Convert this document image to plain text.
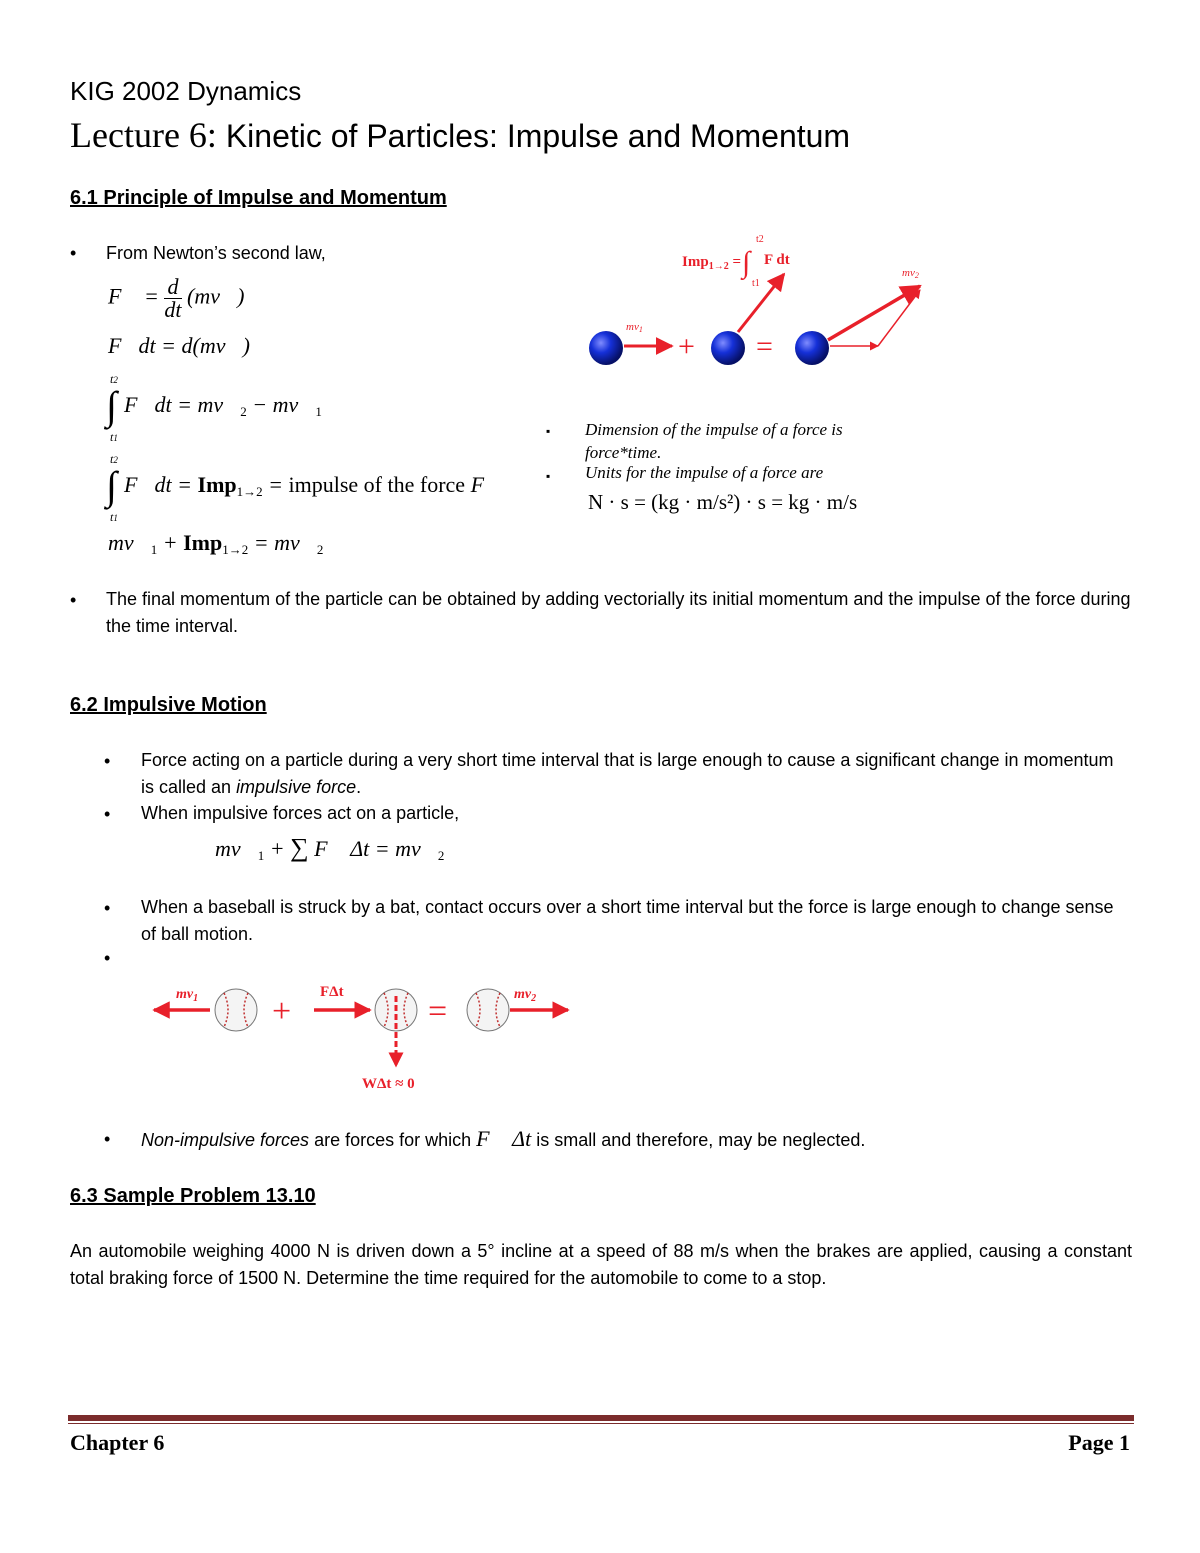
KIG 2002 Dynamics
Lecture 6: Kinetic of Particles: Impulse and Momentum
6.1 Principle of Impulse and Momentum
• From Newton’s second law,
F⃗ = $\frac{d}{dt}$ (mv⃗)
F⃗dt = d(mv⃗)
t2
∫
t1
F⃗dt = $mv⃗_2$ − $mv⃗_1$
t2
∫
t1
F⃗dt = Imp$_{1\to 2}$ = impulse of the force F⃗
$mv⃗_1 + Imp_{1\to 2}$ = $mv⃗_2$
Imp$_{1\to 2}$ = ∫
t2
t1
F dt
mv1
+ =
mv2
▪ Dimension of the impulse of a force is force*time.
▪ Units for the impulse of a force are
N · s = (kg · m/s²) · s = kg · m/s
• The final momentum of the particle can be obtained by adding vectorially its initial momentum and the impulse of the force during the time interval.
6.2 Impulsive Motion
• Force acting on a particle during a very short time interval that is large enough to cause a significant change in momentum is called an impulsive force.
• When impulsive forces act on a particle,
$mv⃗_1$ + ∑ F⃗ $\Delta t = mv⃗_2$
• When a baseball is struck by a bat, contact occurs over a short time interval but the force is large enough to change sense of ball motion.
•
$mv_1$ +
FΔt
WΔt ≈ 0
=	$mv_2$
• Non-impulsive forces are forces for which F⃗ Δt is small and therefore, may be neglected.
6.3 Sample Problem 13.10
An automobile weighing 4000 N is driven down a 5° incline at a speed of 88 m/s when the brakes are applied, causing a constant total braking force of 1500 N. Determine the time required for the automobile to come to a stop.
Chapter 6	Page 1
